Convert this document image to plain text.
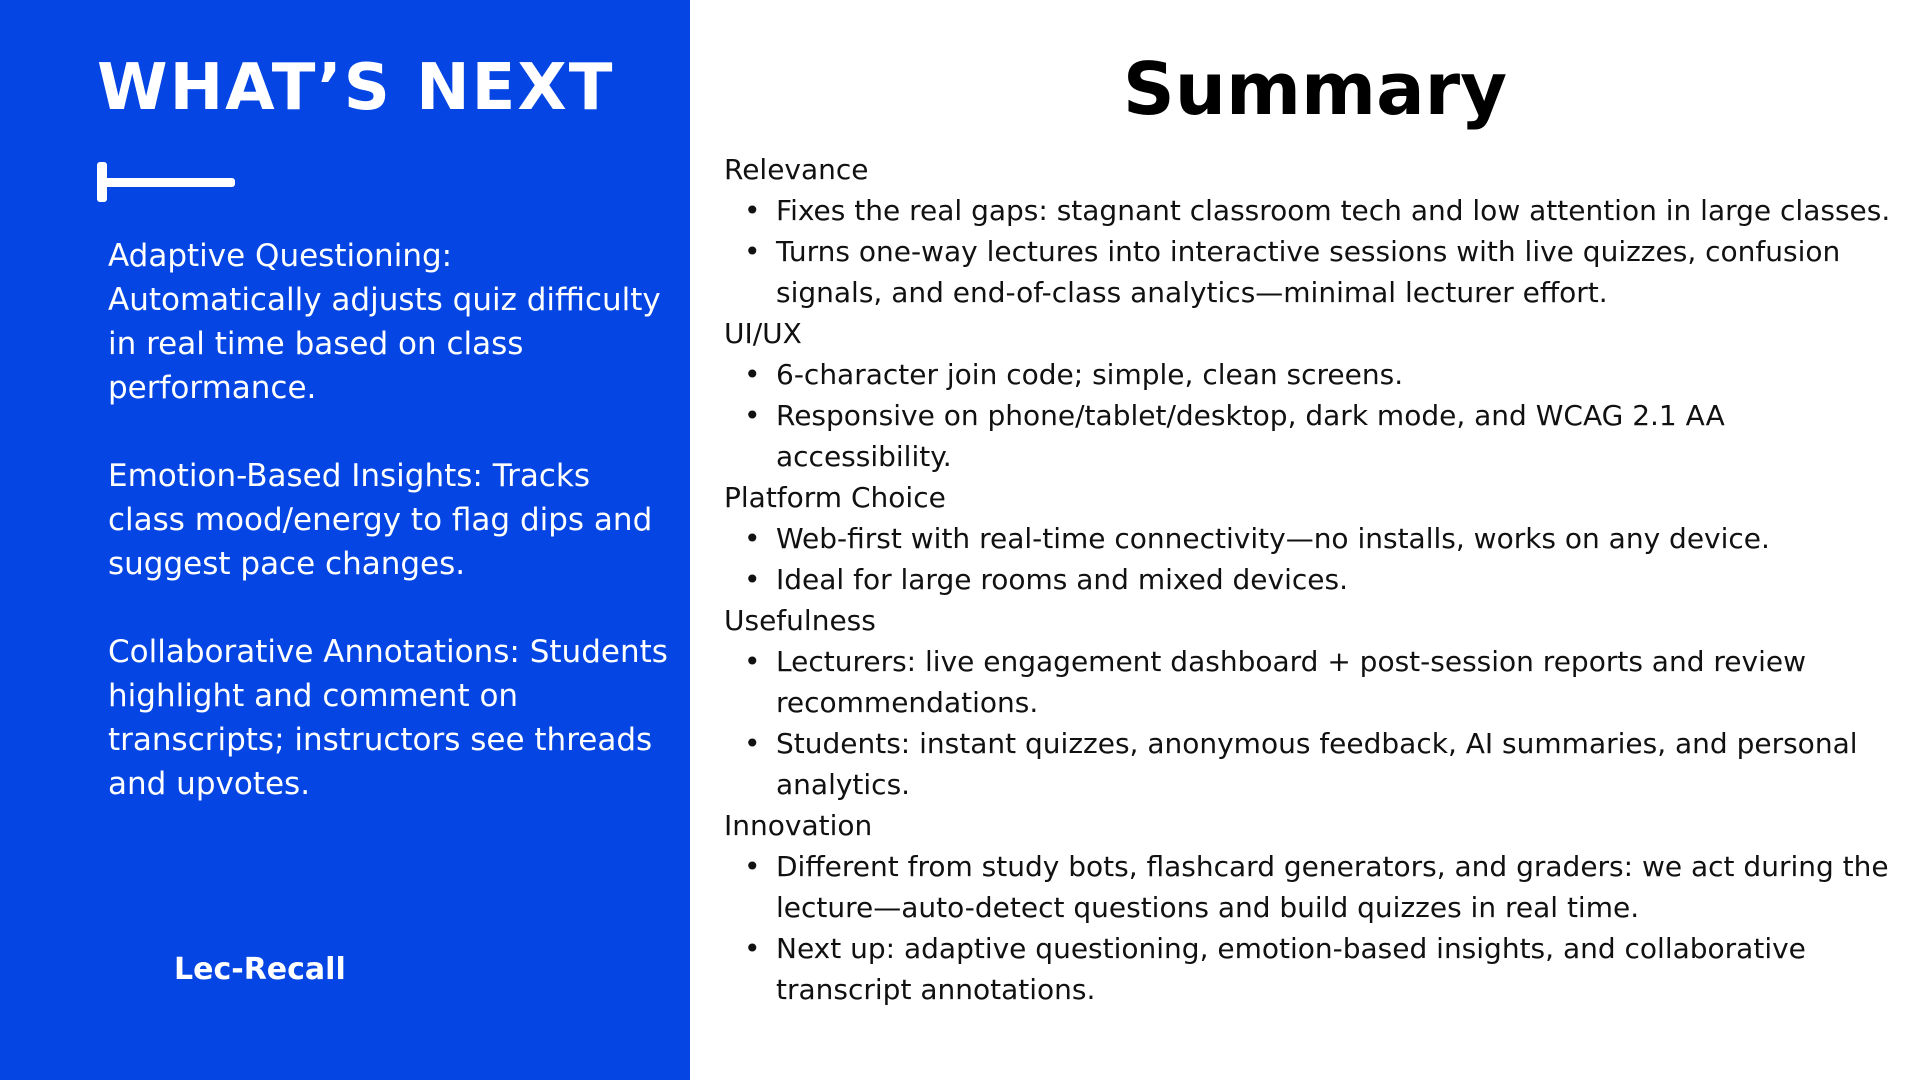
WHAT’S NEXT

Adaptive Questioning: Automatically adjusts quiz difficulty in real time based on class performance.

Emotion-Based Insights: Tracks class mood/energy to flag dips and suggest pace changes.

Collaborative Annotations: Students highlight and comment on transcripts; instructors see threads and upvotes.

Lec-Recall
Summary
Relevance
• Fixes the real gaps: stagnant classroom tech and low attention in large classes.
• Turns one-way lectures into interactive sessions with live quizzes, confusion signals, and end-of-class analytics—minimal lecturer effort.
UI/UX
• 6-character join code; simple, clean screens.
• Responsive on phone/tablet/desktop, dark mode, and WCAG 2.1 AA accessibility.
Platform Choice
• Web-first with real-time connectivity—no installs, works on any device.
• Ideal for large rooms and mixed devices.
Usefulness
• Lecturers: live engagement dashboard + post-session reports and review recommendations.
• Students: instant quizzes, anonymous feedback, AI summaries, and personal analytics.
Innovation
• Different from study bots, flashcard generators, and graders: we act during the lecture—auto-detect questions and build quizzes in real time.
• Next up: adaptive questioning, emotion-based insights, and collaborative transcript annotations.
